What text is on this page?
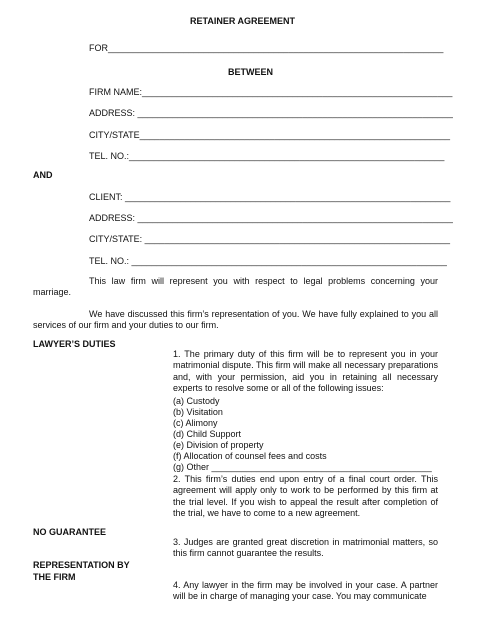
RETAINER AGREEMENT
FOR___________________________________________________________________
BETWEEN
FIRM NAME:______________________________________________________________
ADDRESS: _______________________________________________________________
CITY/STATE______________________________________________________________
TEL. NO.:_______________________________________________________________
AND
CLIENT: _________________________________________________________________
ADDRESS: _______________________________________________________________
CITY/STATE: _____________________________________________________________
TEL. NO.: _______________________________________________________________
This law firm will represent you with respect to legal problems concerning your marriage.
We have discussed this firm’s representation of you. We have fully explained to you all services of our firm and your duties to our firm.
LAWYER’S DUTIES
1. The primary duty of this firm will be to represent you in your matrimonial dispute. This firm will make all necessary preparations and, with your permission, aid you in retaining all necessary experts to resolve some or all of the following issues:
(a) Custody
(b) Visitation
(c) Alimony
(d) Child Support
(e) Division of property
(f) Allocation of counsel fees and costs
(g) Other ____________________________________________
2. This firm’s duties end upon entry of a final court order. This agreement will apply only to work to be performed by this firm at the trial level. If you wish to appeal the result after completion of the trial, we have to come to a new agreement.
NO GUARANTEE
3. Judges are granted great discretion in matrimonial matters, so this firm cannot guarantee the results.
REPRESENTATION BY
THE FIRM
4. Any lawyer in the firm may be involved in your case. A partner will be in charge of managing your case. You may communicate
